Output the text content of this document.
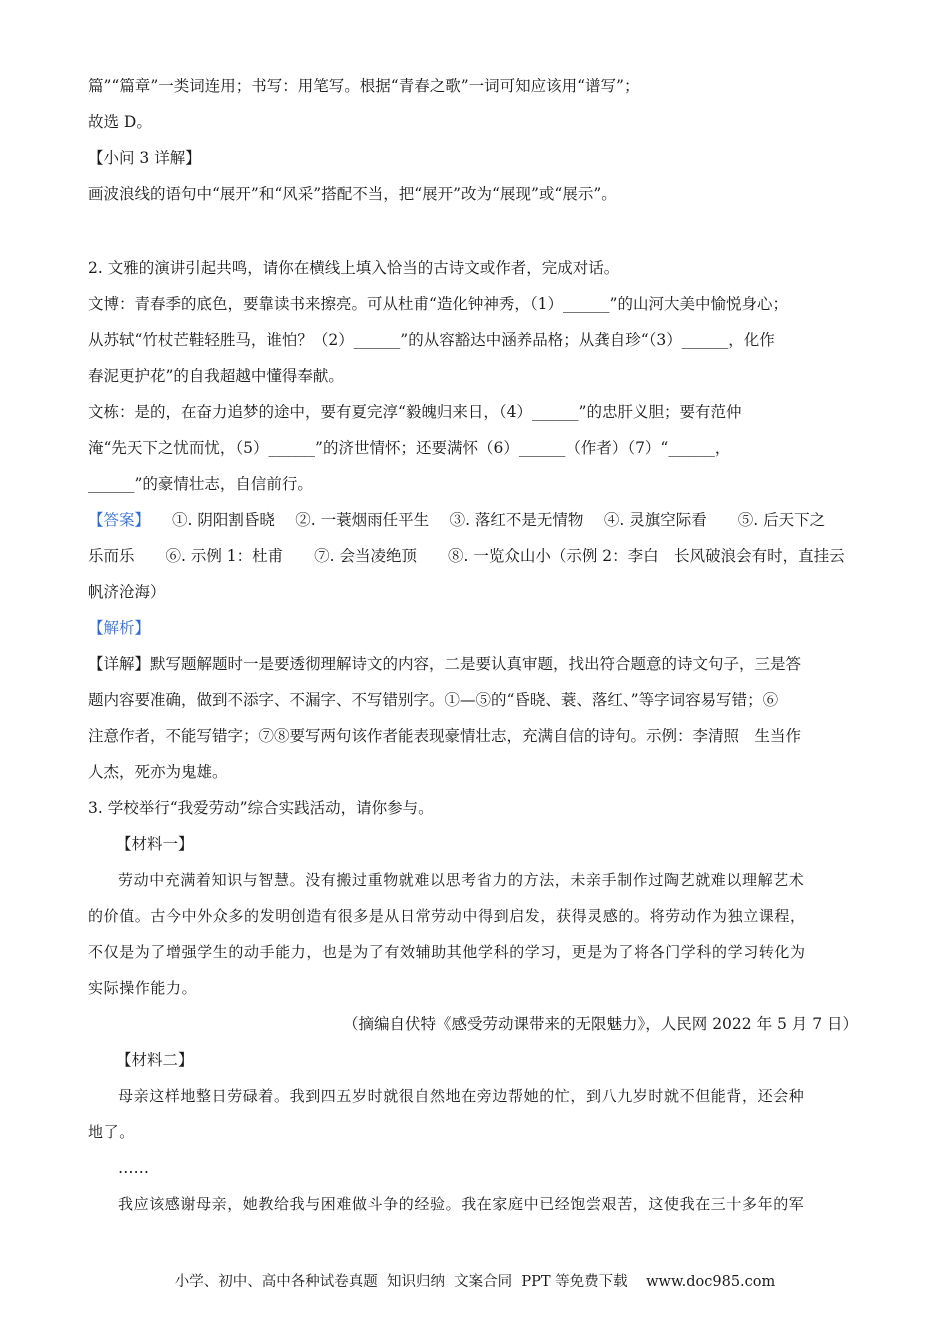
篇”“篇章”一类词连用；书写：用笔写。根据“青春之歌”一词可知应该用“谱写”；
故选 D。
【小问 3 详解】
画波浪线的语句中“展开”和“风采”搭配不当，把“展开”改为“展现”或“展示”。
2. 文雅的演讲引起共鸣，请你在横线上填入恰当的古诗文或作者，完成对话。
文博：青春季的底色，要靠读书来擦亮。可从杜甫“造化钟神秀，（1）______”的山河大美中愉悦身心；
从苏轼“竹杖芒鞋轻胜马，谁怕？（2）______”的从容豁达中涵养品格；从龚自珍“（3）______，化作
春泥更护花”的自我超越中懂得奉献。
文栋：是的，在奋力追梦的途中，要有夏完淳“毅魄归来日，（4）______”的忠肝义胆；要有范仲
淹“先天下之忧而忧，（5）______”的济世情怀；还要满怀（6）______（作者）（7）“______，
______”的豪情壮志，自信前行。
【答案】 ①. 阴阳割昏晓　 ②. 一蓑烟雨任平生　 ③. 落红不是无情物　 ④. 灵旗空际看　　⑤. 后天下之
乐而乐　　⑥. 示例 1：杜甫　　⑦. 会当凌绝顶　　⑧. 一览众山小（示例 2：李白　长风破浪会有时，直挂云
帆济沧海）
【解析】
【详解】默写题解题时一是要透彻理解诗文的内容，二是要认真审题，找出符合题意的诗文句子，三是答
题内容要准确，做到不添字、不漏字、不写错别字。①—⑤的“昏晓、蓑、落红、”等字词容易写错；⑥
注意作者，不能写错字；⑦⑧要写两句该作者能表现豪情壮志，充满自信的诗句。示例：李清照　生当作
人杰，死亦为鬼雄。
3. 学校举行“我爱劳动”综合实践活动，请你参与。
【材料一】
劳动中充满着知识与智慧。没有搬过重物就难以思考省力的方法，未亲手制作过陶艺就难以理解艺术
的价值。古今中外众多的发明创造有很多是从日常劳动中得到启发，获得灵感的。将劳动作为独立课程，
不仅是为了增强学生的动手能力，也是为了有效辅助其他学科的学习，更是为了将各门学科的学习转化为
实际操作能力。
（摘编自伏特《感受劳动课带来的无限魅力》，人民网 2022 年 5 月 7 日）
【材料二】
母亲这样地整日劳碌着。我到四五岁时就很自然地在旁边帮她的忙，到八九岁时就不但能背，还会种
地了。
……
我应该感谢母亲，她教给我与困难做斗争的经验。我在家庭中已经饱尝艰苦，这使我在三十多年的军
小学、初中、高中各种试卷真题  知识归纳  文案合同  PPT 等免费下载    www.doc985.com
